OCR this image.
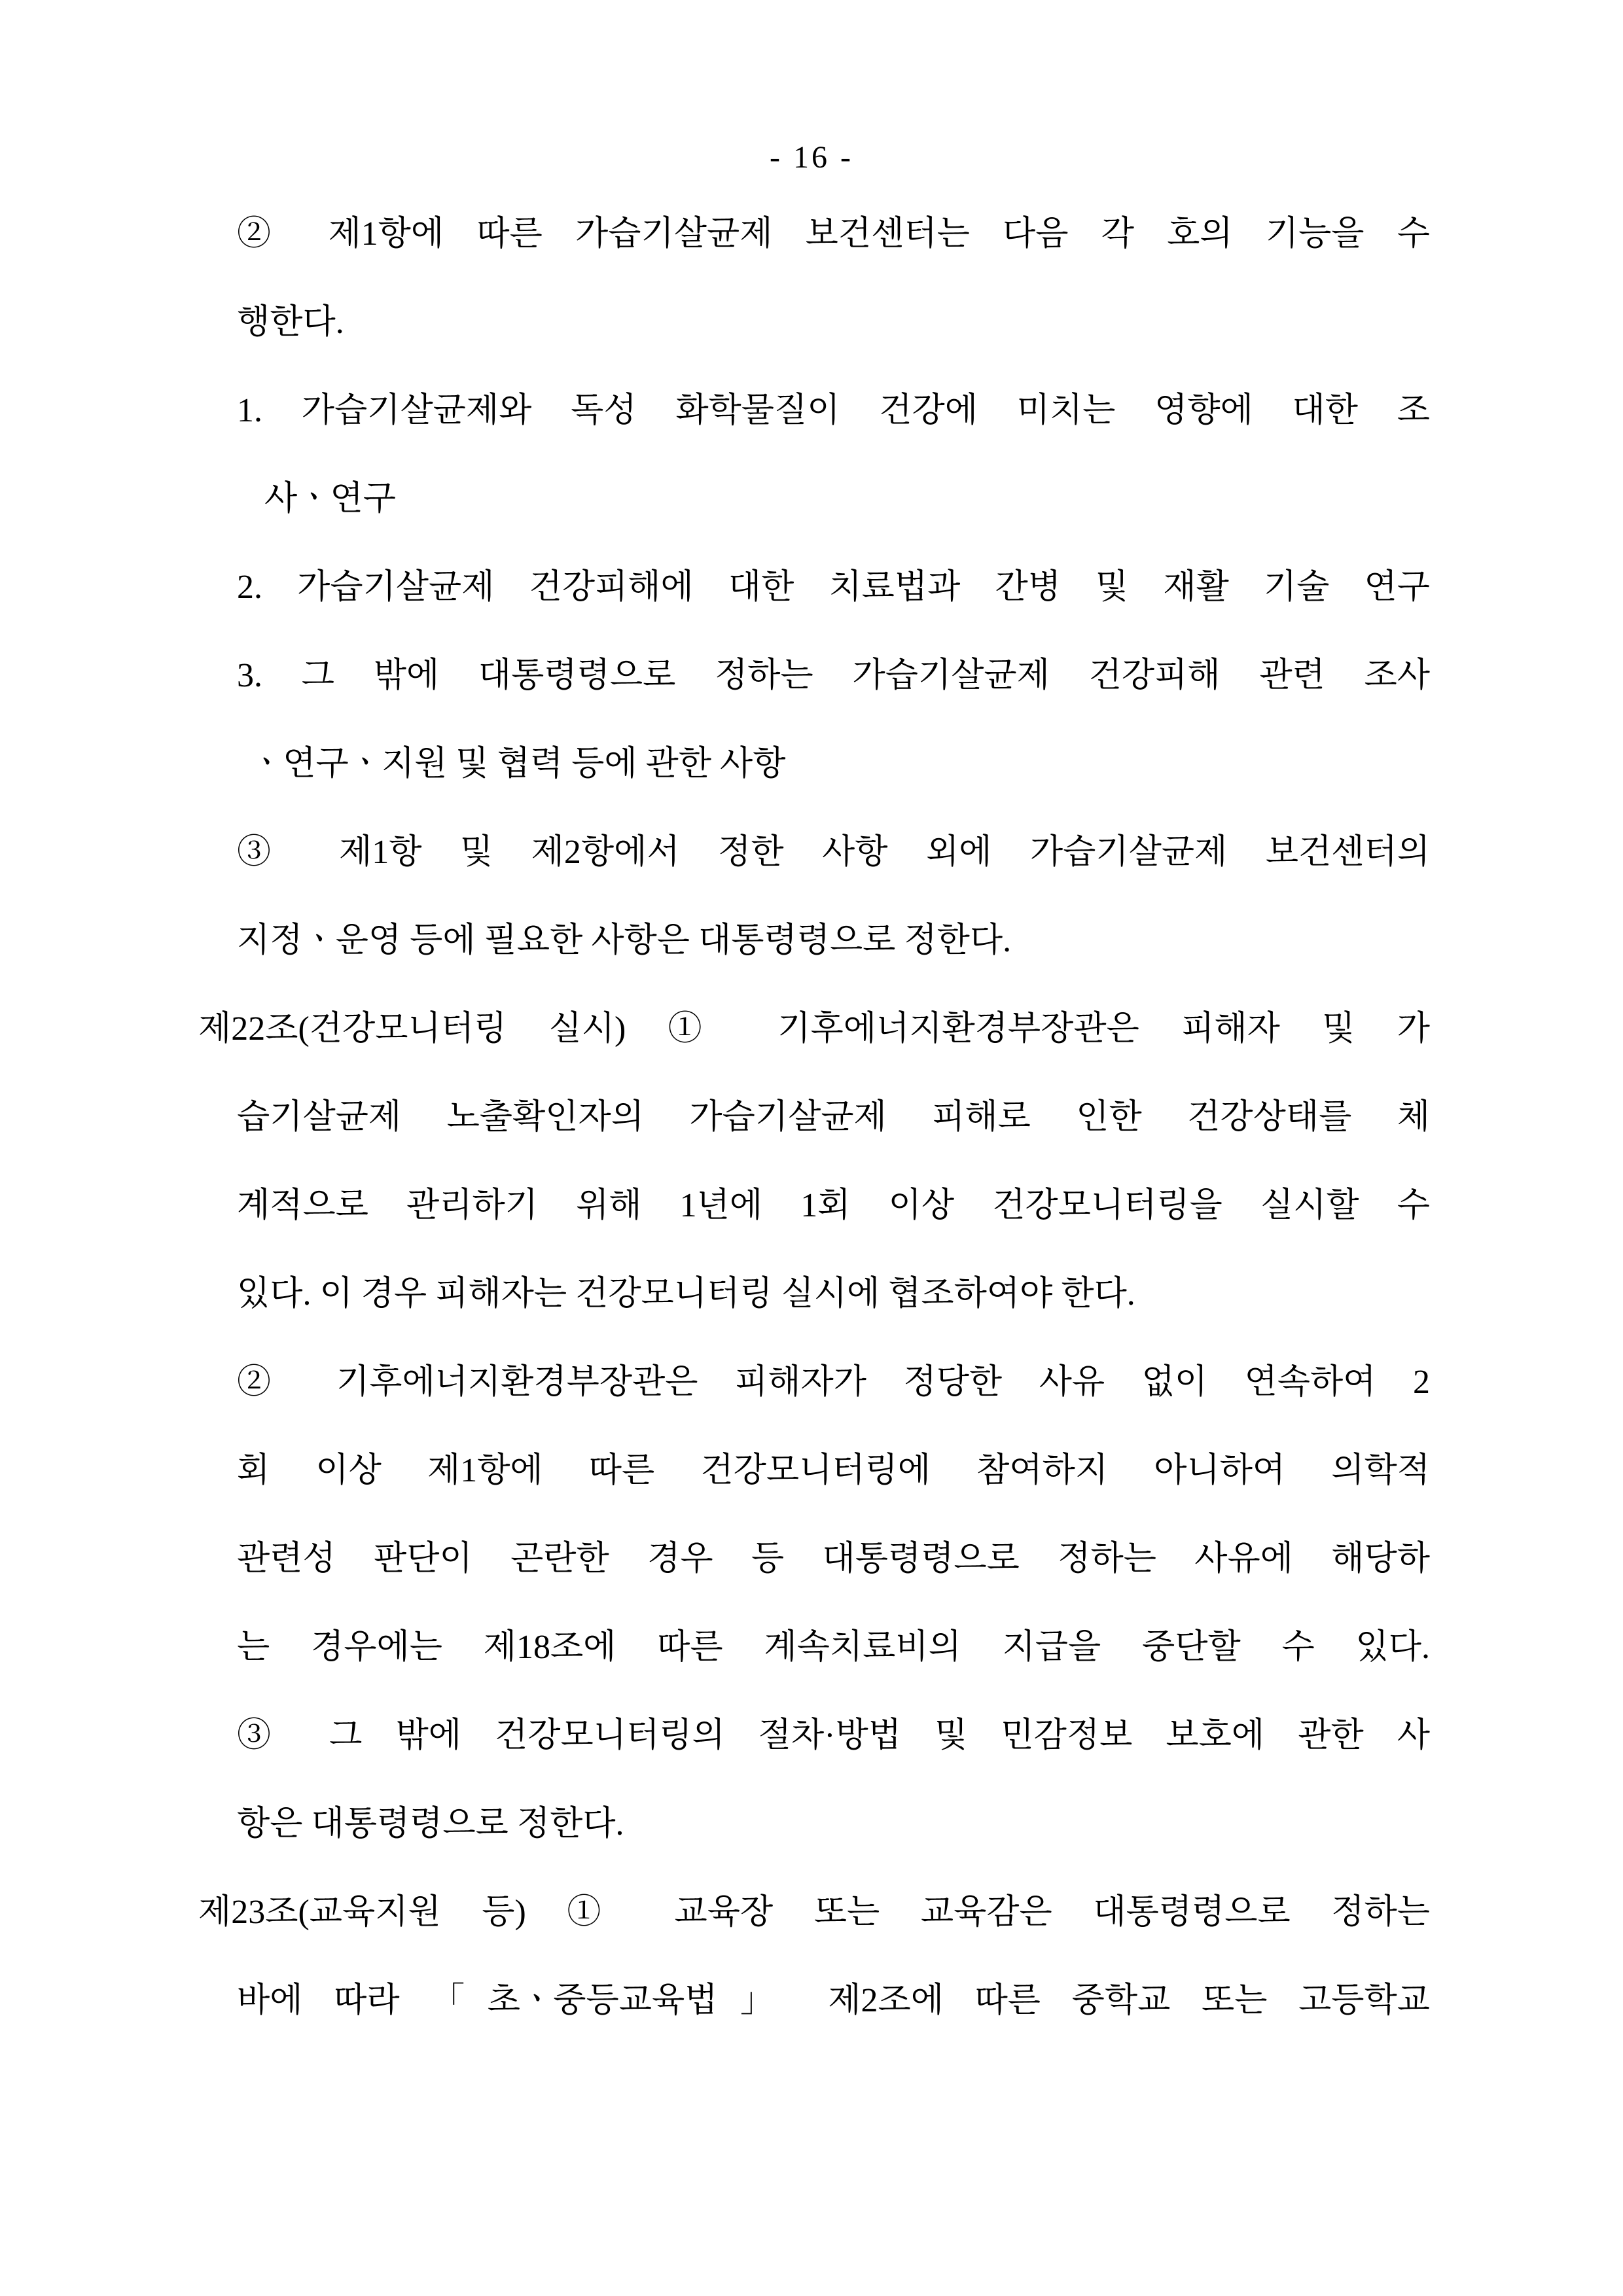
- 16 -
② 제1항에 따른 가습기살균제 보건센터는 다음 각 호의 기능을 수
행한다.
1. 가습기살균제와 독성 화학물질이 건강에 미치는 영향에 대한 조
사ㆍ연구
2. 가습기살균제 건강피해에 대한 치료법과 간병 및 재활 기술 연구
3. 그 밖에 대통령령으로 정하는 가습기살균제 건강피해 관련 조사
ㆍ연구ㆍ지원 및 협력 등에 관한 사항
③ 제1항 및 제2항에서 정한 사항 외에 가습기살균제 보건센터의
지정ㆍ운영 등에 필요한 사항은 대통령령으로 정한다.
제22조(건강모니터링 실시) ① 기후에너지환경부장관은 피해자 및 가
습기살균제 노출확인자의 가습기살균제 피해로 인한 건강상태를 체
계적으로 관리하기 위해 1년에 1회 이상 건강모니터링을 실시할 수
있다. 이 경우 피해자는 건강모니터링 실시에 협조하여야 한다.
② 기후에너지환경부장관은 피해자가 정당한 사유 없이 연속하여 2
회 이상 제1항에 따른 건강모니터링에 참여하지 아니하여 의학적
관련성 판단이 곤란한 경우 등 대통령령으로 정하는 사유에 해당하
는 경우에는 제18조에 따른 계속치료비의 지급을 중단할 수 있다.
③ 그 밖에 건강모니터링의 절차·방법 및 민감정보 보호에 관한 사
항은 대통령령으로 정한다.
제23조(교육지원 등) ① 교육장 또는 교육감은 대통령령으로 정하는
바에 따라 「초ㆍ중등교육법」 제2조에 따른 중학교 또는 고등학교
